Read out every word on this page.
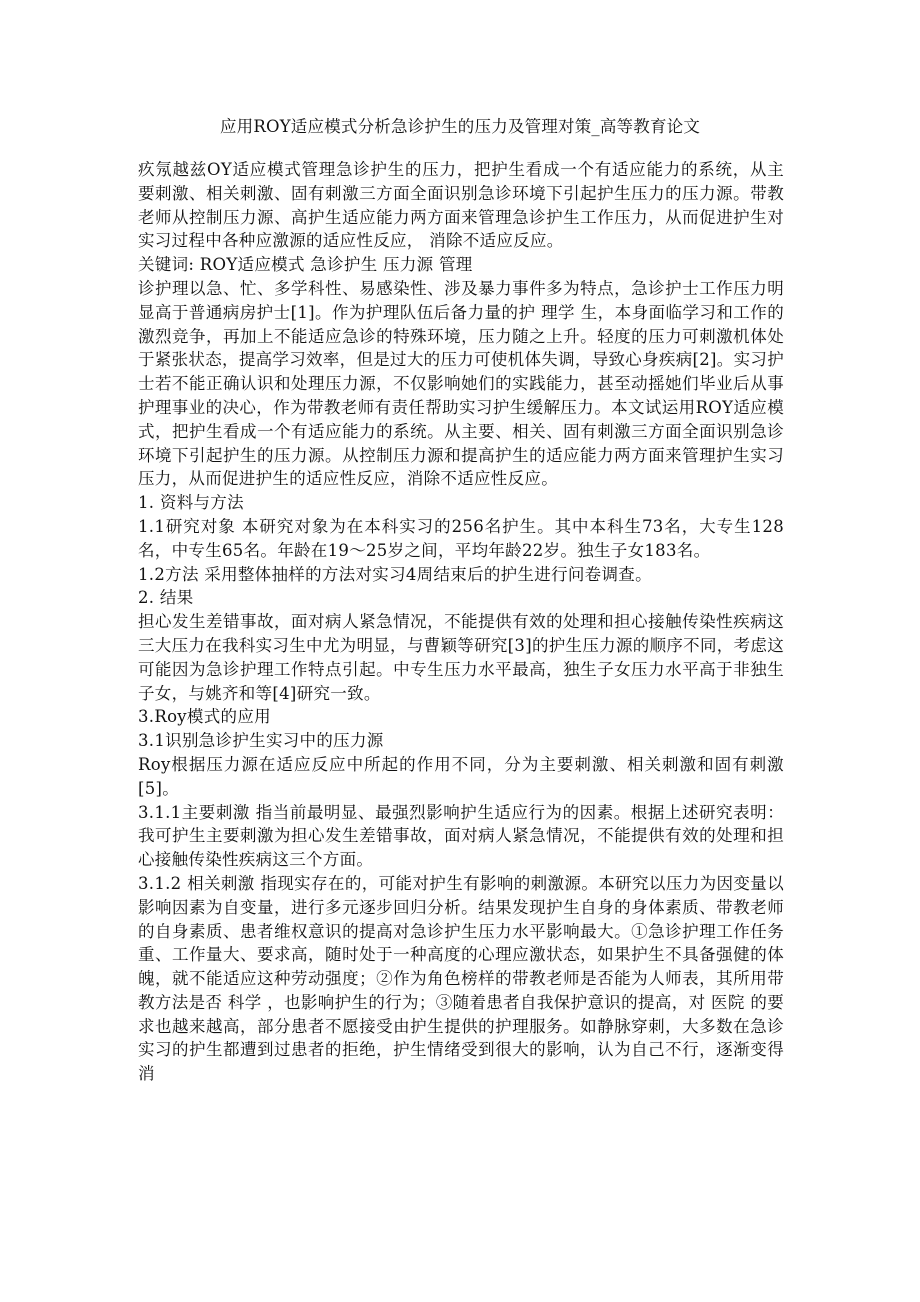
应用ROY适应模式分析急诊护生的压力及管理对策_高等教育论文

疚氖越兹OY适应模式管理急诊护生的压力，把护生看成一个有适应能力的系统，从主要刺激、相关刺激、固有刺激三方面全面识别急诊环境下引起护生压力的压力源。带教老师从控制压力源、高护生适应能力两方面来管理急诊护生工作压力，从而促进护生对实习过程中各种应激源的适应性反应， 消除不适应反应。

关键词: ROY适应模式 急诊护生 压力源 管理

诊护理以急、忙、多学科性、易感染性、涉及暴力事件多为特点，急诊护士工作压力明显高于普通病房护士[1]。作为护理队伍后备力量的护 理学 生，本身面临学习和工作的激烈竞争，再加上不能适应急诊的特殊环境，压力随之上升。轻度的压力可刺激机体处于紧张状态，提高学习效率，但是过大的压力可使机体失调，导致心身疾病[2]。实习护士若不能正确认识和处理压力源，不仅影响她们的实践能力，甚至动摇她们毕业后从事护理事业的决心，作为带教老师有责任帮助实习护生缓解压力。本文试运用ROY适应模式，把护生看成一个有适应能力的系统。从主要、相关、固有刺激三方面全面识别急诊环境下引起护生的压力源。从控制压力源和提高护生的适应能力两方面来管理护生实习压力，从而促进护生的适应性反应，消除不适应性反应。

1. 资料与方法

1.1研究对象 本研究对象为在本科实习的256名护生。其中本科生73名，大专生128名，中专生65名。年龄在19～25岁之间，平均年龄22岁。独生子女183名。

1.2方法 采用整体抽样的方法对实习4周结束后的护生进行问卷调查。

2. 结果

担心发生差错事故，面对病人紧急情况，不能提供有效的处理和担心接触传染性疾病这三大压力在我科实习生中尤为明显，与曹颖等研究[3]的护生压力源的顺序不同，考虑这可能因为急诊护理工作特点引起。中专生压力水平最高，独生子女压力水平高于非独生子女，与姚齐和等[4]研究一致。

3.Roy模式的应用

3.1识别急诊护生实习中的压力源

Roy根据压力源在适应反应中所起的作用不同，分为主要刺激、相关刺激和固有刺激[5]。

3.1.1主要刺激 指当前最明显、最强烈影响护生适应行为的因素。根据上述研究表明：我可护生主要刺激为担心发生差错事故，面对病人紧急情况，不能提供有效的处理和担心接触传染性疾病这三个方面。

3.1.2 相关刺激 指现实存在的，可能对护生有影响的刺激源。本研究以压力为因变量以影响因素为自变量，进行多元逐步回归分析。结果发现护生自身的身体素质、带教老师的自身素质、患者维权意识的提高对急诊护生压力水平影响最大。①急诊护理工作任务重、工作量大、要求高，随时处于一种高度的心理应激状态，如果护生不具备强健的体魄，就不能适应这种劳动强度；②作为角色榜样的带教老师是否能为人师表，其所用带教方法是否 科学 ，也影响护生的行为；③随着患者自我保护意识的提高，对 医院 的要求也越来越高，部分患者不愿接受由护生提供的护理服务。如静脉穿刺，大多数在急诊实习的护生都遭到过患者的拒绝，护生情绪受到很大的影响，认为自己不行，逐渐变得消
